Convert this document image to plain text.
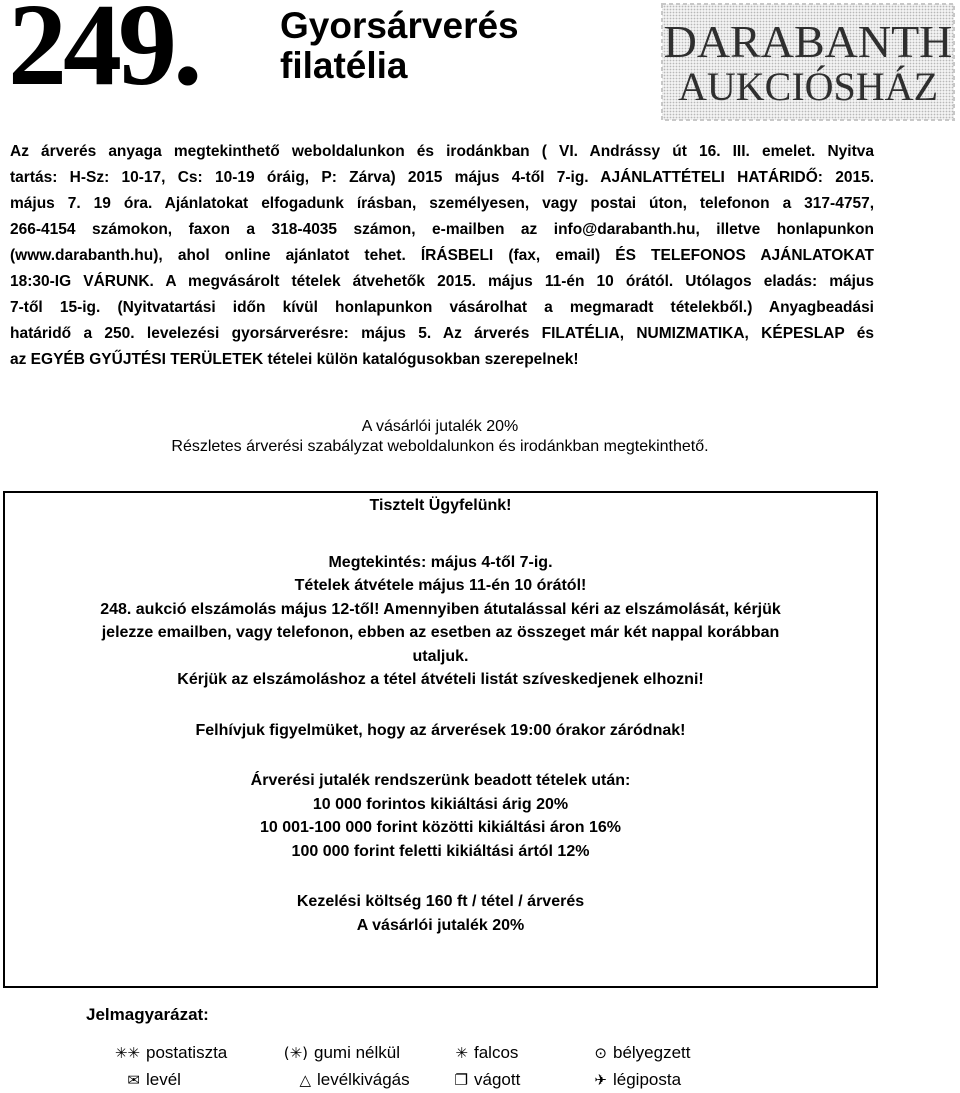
249. Gyorsárverés
filatélia	DARABANTH
AUKCIÓSHÁZ
Az árverés anyaga megtekinthető weboldalunkon és irodánkban ( VI. Andrássy út 16. III. emelet. Nyitva
tartás: H-Sz: 10-17, Cs: 10-19 óráig, P: Zárva) 2015 május 4-től 7-ig. AJÁNLATTÉTELI HATÁRIDŐ: 2015.
május 7. 19 óra. Ajánlatokat elfogadunk írásban, személyesen, vagy postai úton, telefonon a 317-4757,
266-4154 számokon, faxon a 318-4035 számon, e-mailben az info@darabanth.hu, illetve honlapunkon
(www.darabanth.hu), ahol online ajánlatot tehet. ÍRÁSBELI (fax, email) ÉS TELEFONOS AJÁNLATOKAT
18:30-IG VÁRUNK. A megvásárolt tételek átvehetők 2015. május 11-én 10 órától. Utólagos eladás: május
7-től 15-ig. (Nyitvatartási időn kívül honlapunkon vásárolhat a megmaradt tételekből.) Anyagbeadási
határidő a 250. levelezési gyorsárverésre: május 5. Az árverés FILATÉLIA, NUMIZMATIKA, KÉPESLAP és
az EGYÉB GYŰJTÉSI TERÜLETEK tételei külön katalógusokban szerepelnek!
A vásárlói jutalék 20%
Részletes árverési szabályzat weboldalunkon és irodánkban megtekinthető.

Tisztelt Ügyfelünk!

Megtekintés: május 4-től 7-ig.

Tételek átvétele május 11-én 10 órától!

248. aukció elszámolás május 12-től! Amennyiben átutalással kéri az elszámolását, kérjük

jelezze emailben, vagy telefonon, ebben az esetben az összeget már két nappal korábban

utaljuk.

Kérjük az elszámoláshoz a tétel átvételi listát szíveskedjenek elhozni!

Felhívjuk figyelmüket, hogy az árverések 19:00 órakor záródnak!

Árverési jutalék rendszerünk beadott tételek után:

10 000 forintos kikiáltási árig 20%

10 001-100 000 forint közötti kikiáltási áron 16%

100 000 forint feletti kikiáltási ártól 12%

Kezelési költség 160 ft / tétel / árverés

A vásárlói jutalék 20%

Jelmagyarázat:
✳✳ postatiszta	(✳) gumi nélkül	✳ falcos	⊙ bélyegzett
✉ levél	△ levélkivágás	❐ vágott	✈ légiposta
